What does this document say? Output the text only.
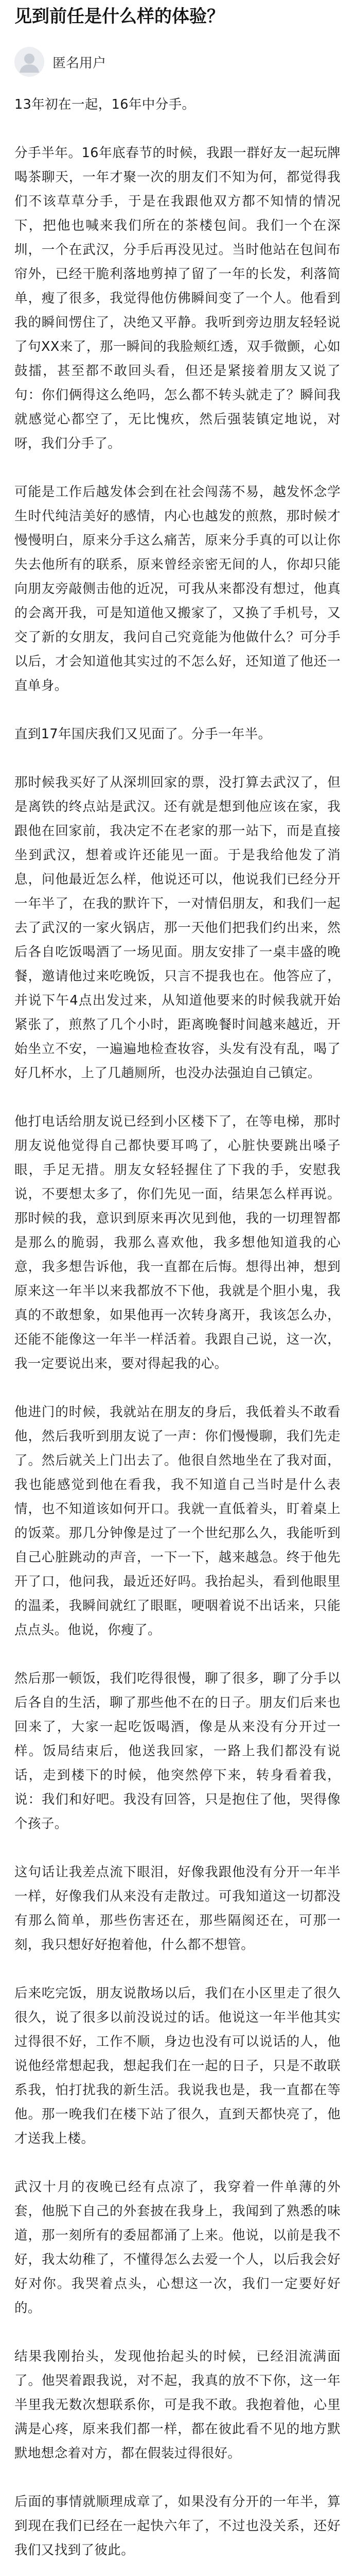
见到前任是什么样的体验？
匿名用户

13年初在一起，16年中分手。

分手半年。16年底春节的时候，我跟一群好友一起玩牌喝茶聊天，一年才聚一次的朋友们不知为何，都觉得我们不该草草分手，于是在我跟他双方都不知情的情况下，把他也喊来我们所在的茶楼包间。我们一个在深圳，一个在武汉，分手后再没见过。当时他站在包间布帘外，已经干脆利落地剪掉了留了一年的长发，利落简单，瘦了很多，我觉得他仿佛瞬间变了一个人。他看到我的瞬间愣住了，决绝又平静。我听到旁边朋友轻轻说了句XX来了，那一瞬间的我脸颊红透，双手微颤，心如鼓擂，甚至都不敢回头看，但还是紧接着朋友又说了句：你们俩得这么绝吗，怎么都不转头就走了？瞬间我就感觉心都空了，无比愧疚，然后强装镇定地说，对呀，我们分手了。

可能是工作后越发体会到在社会闯荡不易，越发怀念学生时代纯洁美好的感情，内心也越发的煎熬，那时候才慢慢明白，原来分手这么痛苦，原来分手真的可以让你失去他所有的联系，原来曾经亲密无间的人，你却只能向朋友旁敲侧击他的近况，可我从来都没有想过，他真的会离开我，可是知道他又搬家了，又换了手机号，又交了新的女朋友，我问自己究竟能为他做什么？可分手以后，才会知道他其实过的不怎么好，还知道了他还一直单身。

直到17年国庆我们又见面了。分手一年半。

那时候我买好了从深圳回家的票，没打算去武汉了，但是离铁的终点站是武汉。还有就是想到他应该在家，我跟他在回家前，我决定不在老家的那一站下，而是直接坐到武汉，想着或许还能见一面。于是我给他发了消息，问他最近怎么样，他说还可以，他说我们已经分开一年半了，在我的默许下，一对情侣朋友，和我们一起去了武汉的一家火锅店，那一天他们把我们约出来，然后各自吃饭喝酒了一场见面。朋友安排了一桌丰盛的晚餐，邀请他过来吃晚饭，只言不提我也在。他答应了，并说下午4点出发过来，从知道他要来的时候我就开始紧张了，煎熬了几个小时，距离晚餐时间越来越近，开始坐立不安，一遍遍地检查妆容，头发有没有乱，喝了好几杯水，上了几趟厕所，也没办法强迫自己镇定。

他打电话给朋友说已经到小区楼下了，在等电梯，那时朋友说他觉得自己都快要耳鸣了，心脏快要跳出嗓子眼，手足无措。朋友女轻轻握住了下我的手，安慰我说，不要想太多了，你们先见一面，结果怎么样再说。那时候的我，意识到原来再次见到他，我的一切理智都是那么的脆弱，我那么喜欢他，我多想他知道我的心意，我多想告诉他，我一直都在后悔。想得出神，想到原来这一年半以来我都放不下他，我就是个胆小鬼，我真的不敢想象，如果他再一次转身离开，我该怎么办，还能不能像这一年半一样活着。我跟自己说，这一次，我一定要说出来，要对得起我的心。

他进门的时候，我就站在朋友的身后，我低着头不敢看他，然后我听到朋友说了一声：你们慢慢聊，我们先走了。然后就关上门出去了。他很自然地坐在了我对面，我也能感觉到他在看我，我不知道自己当时是什么表情，也不知道该如何开口。我就一直低着头，盯着桌上的饭菜。那几分钟像是过了一个世纪那么久，我能听到自己心脏跳动的声音，一下一下，越来越急。终于他先开了口，他问我，最近还好吗。我抬起头，看到他眼里的温柔，我瞬间就红了眼眶，哽咽着说不出话来，只能点点头。他说，你瘦了。

然后那一顿饭，我们吃得很慢，聊了很多，聊了分手以后各自的生活，聊了那些他不在的日子。朋友们后来也回来了，大家一起吃饭喝酒，像是从来没有分开过一样。饭局结束后，他送我回家，一路上我们都没有说话，走到楼下的时候，他突然停下来，转身看着我，说：我们和好吧。我没有回答，只是抱住了他，哭得像个孩子。

这句话让我差点流下眼泪，好像我跟他没有分开一年半一样，好像我们从来没有走散过。可我知道这一切都没有那么简单，那些伤害还在，那些隔阂还在，可那一刻，我只想好好抱着他，什么都不想管。

后来吃完饭，朋友说散场以后，我们在小区里走了很久很久，说了很多以前没说过的话。他说这一年半他其实过得很不好，工作不顺，身边也没有可以说话的人，他说他经常想起我，想起我们在一起的日子，只是不敢联系我，怕打扰我的新生活。我说我也是，我一直都在等他。那一晚我们在楼下站了很久，直到天都快亮了，他才送我上楼。

武汉十月的夜晚已经有点凉了，我穿着一件单薄的外套，他脱下自己的外套披在我身上，我闻到了熟悉的味道，那一刻所有的委屈都涌了上来。他说，以前是我不好，我太幼稚了，不懂得怎么去爱一个人，以后我会好好对你。我哭着点头，心想这一次，我们一定要好好的。

结果我刚抬头，发现他抬起头的时候，已经泪流满面了。他哭着跟我说，对不起，我真的放不下你，这一年半里我无数次想联系你，可是我不敢。我抱着他，心里满是心疼，原来我们都一样，都在彼此看不见的地方默默地想念着对方，都在假装过得很好。

后面的事情就顺理成章了，如果没有分开的一年半，算到现在我们已经在一起快六年了，不过也没关系，还好我们又找到了彼此。
